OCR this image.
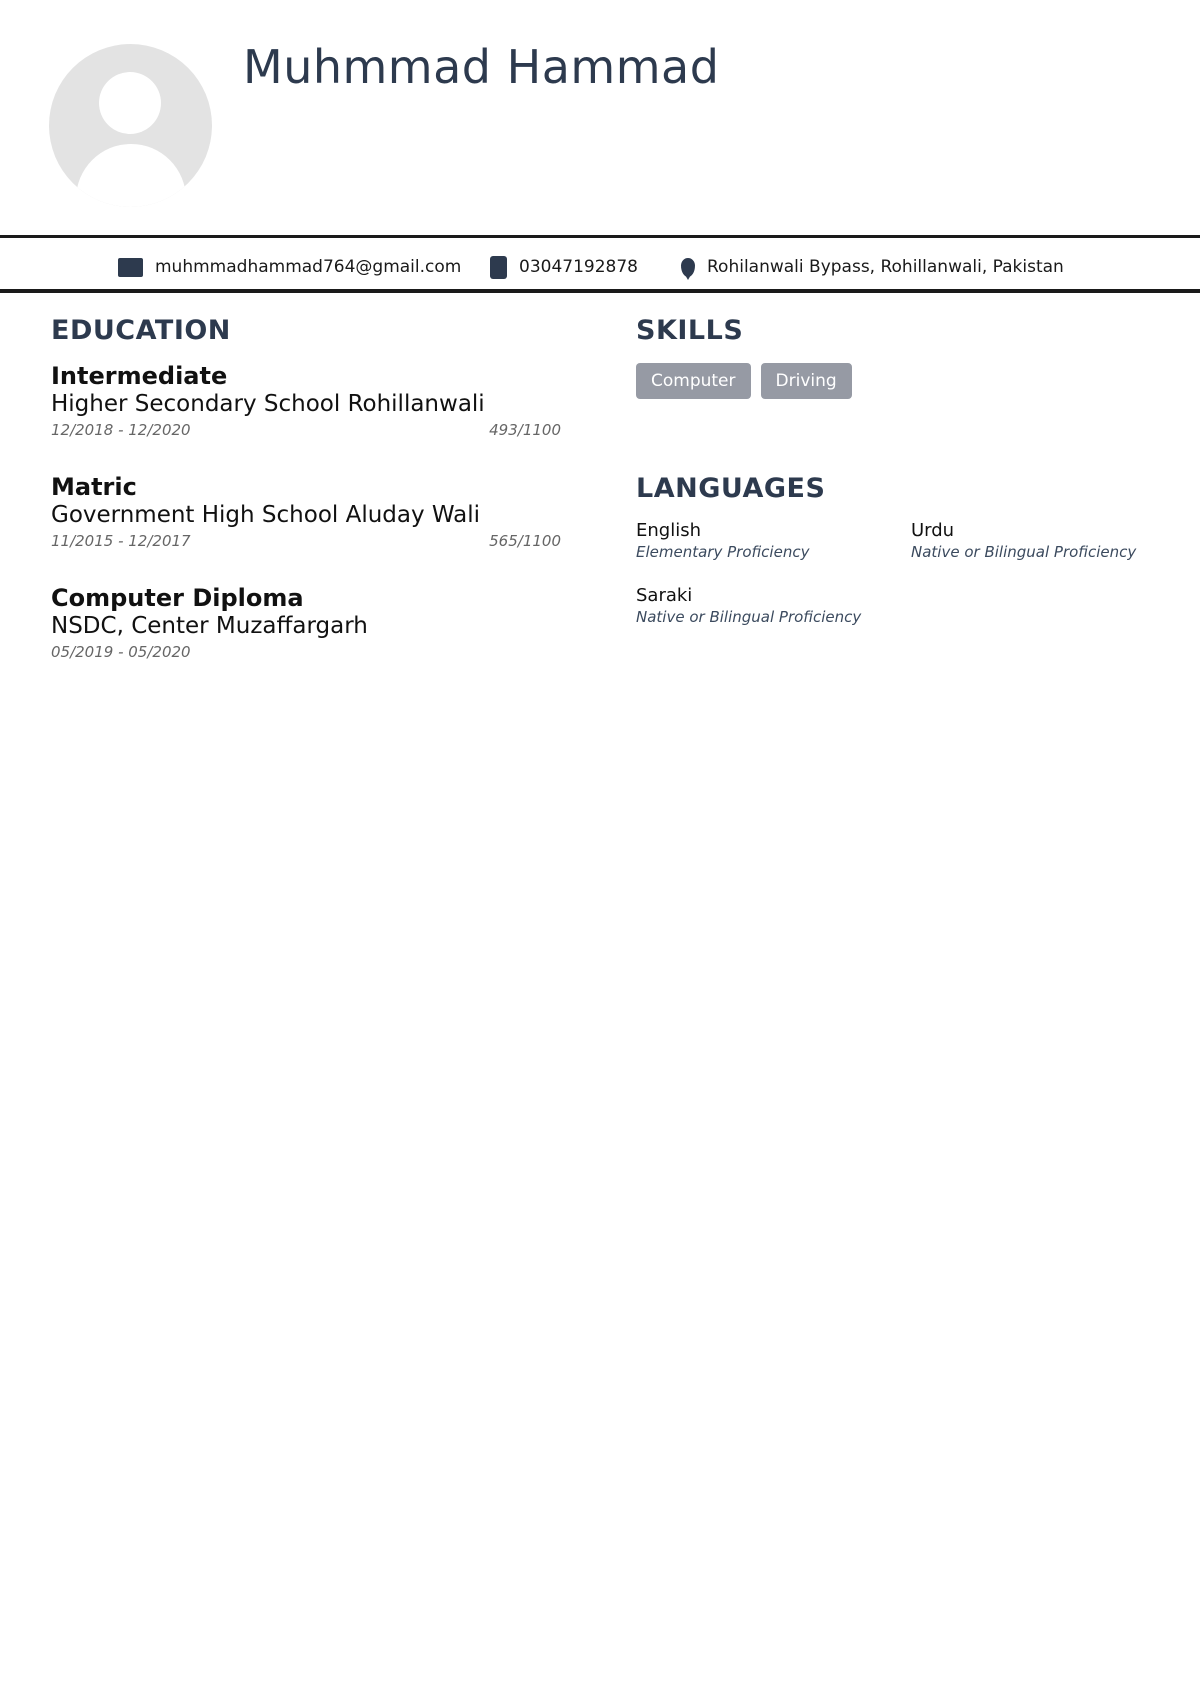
Muhmmad Hammad
muhmmadhammad764@gmail.com	03047192878	Rohilanwali Bypass, Rohillanwali, Pakistan
EDUCATION
Intermediate
Higher Secondary School Rohillanwali
12/2018 - 12/2020	493/1100
Matric
Government High School Aluday Wali
11/2015 - 12/2017	565/1100
Computer Diploma
NSDC, Center Muzaffargarh
05/2019 - 05/2020
SKILLS
Computer	Driving
LANGUAGES
English
Elementary Proficiency
Urdu
Native or Bilingual Proficiency
Saraki
Native or Bilingual Proficiency
